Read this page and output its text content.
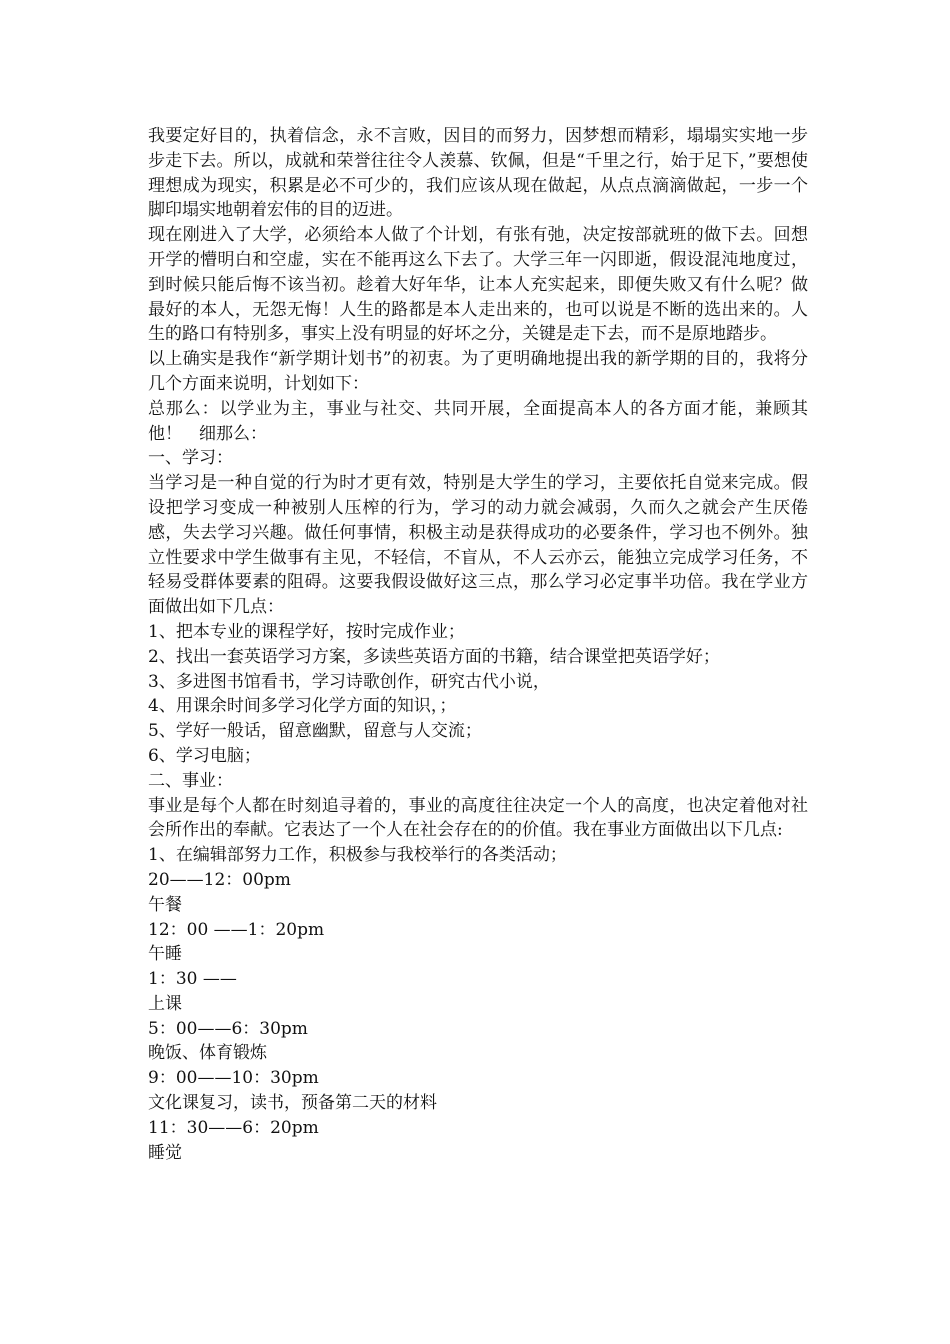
我要定好目的，执着信念，永不言败，因目的而努力，因梦想而精彩，塌塌实实地一步步走下去。所以，成就和荣誉往往令人羡慕、钦佩，但是“千里之行，始于足下，”要想使理想成为现实，积累是必不可少的，我们应该从现在做起，从点点滴滴做起，一步一个脚印塌实地朝着宏伟的目的迈进。

现在刚进入了大学，必须给本人做了个计划，有张有弛，决定按部就班的做下去。回想开学的懵明白和空虚，实在不能再这么下去了。大学三年一闪即逝，假设混沌地度过，到时候只能后悔不该当初。趁着大好年华，让本人充实起来，即便失败又有什么呢？做最好的本人，无怨无悔！人生的路都是本人走出来的，也可以说是不断的选出来的。人生的路口有特别多，事实上没有明显的好坏之分，关键是走下去，而不是原地踏步。

以上确实是我作“新学期计划书”的初衷。为了更明确地提出我的新学期的目的，我将分几个方面来说明，计划如下：

总那么：以学业为主，事业与社交、共同开展，全面提高本人的各方面才能，兼顾其他！　细那么：

一、学习：

当学习是一种自觉的行为时才更有效，特别是大学生的学习，主要依托自觉来完成。假设把学习变成一种被别人压榨的行为，学习的动力就会减弱，久而久之就会产生厌倦感，失去学习兴趣。做任何事情，积极主动是获得成功的必要条件，学习也不例外。独立性要求中学生做事有主见，不轻信，不盲从，不人云亦云，能独立完成学习任务，不轻易受群体要素的阻碍。这要我假设做好这三点，那么学习必定事半功倍。我在学业方面做出如下几点：

1、把本专业的课程学好，按时完成作业；

2、找出一套英语学习方案，多读些英语方面的书籍，结合课堂把英语学好；

3、多进图书馆看书，学习诗歌创作，研究古代小说，

4、用课余时间多学习化学方面的知识，；

5、学好一般话，留意幽默，留意与人交流；

6、学习电脑；

二、事业：

事业是每个人都在时刻追寻着的，事业的高度往往决定一个人的高度，也决定着他对社会所作出的奉献。它表达了一个人在社会存在的的价值。我在事业方面做出以下几点:

1、在编辑部努力工作，积极参与我校举行的各类活动；

20——12：00pm

午餐

12：00 ——1：20pm

午睡

1：30 ——

上课

5：00——6：30pm

晚饭、体育锻炼

9：00——10：30pm

文化课复习，读书，预备第二天的材料

11：30——6：20pm

睡觉
